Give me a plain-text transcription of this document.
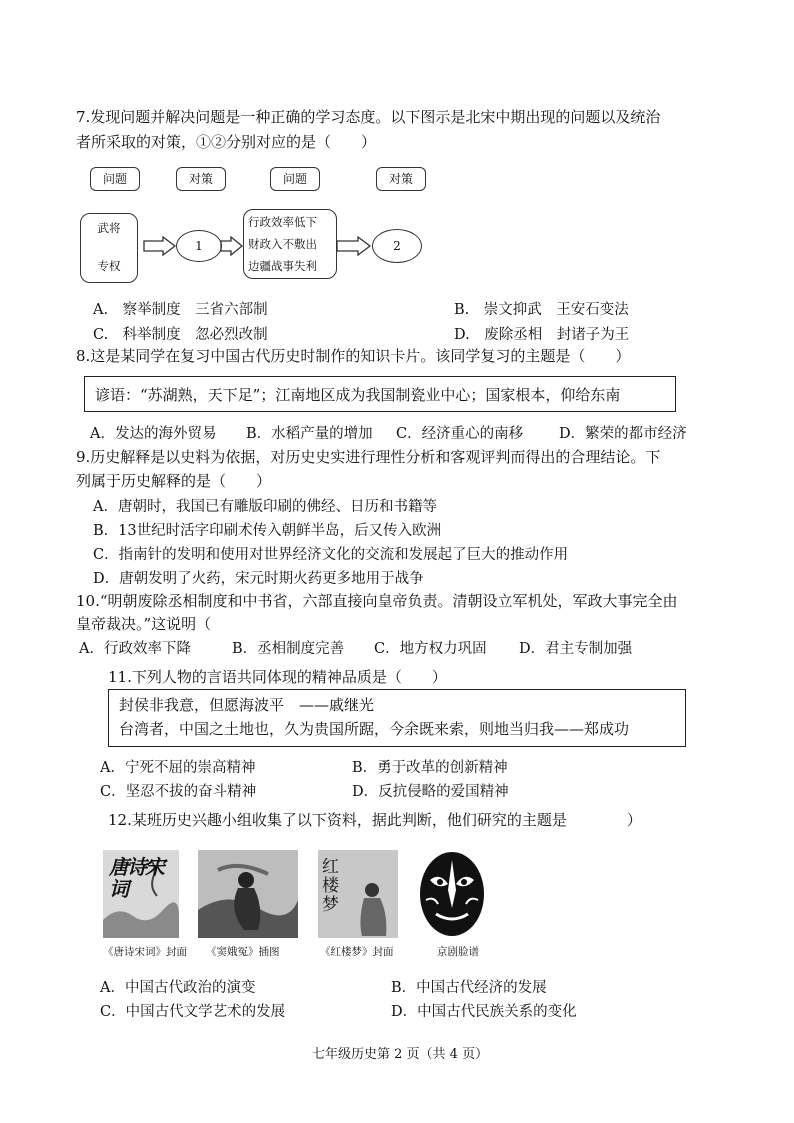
7.发现问题并解决问题是一种正确的学习态度。以下图示是北宋中期出现的问题以及统治
者所采取的对策，①②分别对应的是（　　）
问题	对策	问题	对策
武将
专权
1
行政效率低下
财政入不敷出
边疆战事失利
2
A.　察举制度　三省六部制	B.　崇文抑武　王安石变法
C.　科举制度　忽必烈改制	D.　废除丞相　封诸子为王
8.这是某同学在复习中国古代历史时制作的知识卡片。该同学复习的主题是（　　）
谚语：“苏湖熟，天下足”；江南地区成为我国制瓷业中心；国家根本，仰给东南
A．发达的海外贸易 B．水稻产量的增加 C．经济重心的南移 D．繁荣的都市经济
9.历史解释是以史料为依据，对历史史实进行理性分析和客观评判而得出的合理结论。下
列属于历史解释的是（　　）
A．唐朝时，我国已有雕版印刷的佛经、日历和书籍等
B．13世纪时活字印刷术传入朝鲜半岛，后又传入欧洲
C．指南针的发明和使用对世界经济文化的交流和发展起了巨大的推动作用
D．唐朝发明了火药，宋元时期火药更多地用于战争
10.“明朝废除丞相制度和中书省，六部直接向皇帝负责。清朝设立军机处，军政大事完全由
皇帝裁决。”这说明（
A．行政效率下降	B．丞相制度完善 C．地方权力巩固 D．君主专制加强
11.下列人物的言语共同体现的精神品质是（　　）
封侯非我意，但愿海波平　——戚继光
台湾者，中国之土地也，久为贵国所踞，今余既来索，则地当归我——郑成功
A．宁死不屈的崇高精神	B．勇于改革的创新精神
C．坚忍不拔的奋斗精神	D．反抗侵略的爱国精神
12.某班历史兴趣小组收集了以下资料，据此判断，他们研究的主题是　　　　）
唐诗宋词
《唐诗宋词》封面 《窦娥冤》插图
红楼梦
《红楼梦》封面	京剧脸谱
A．中国古代政治的演变	B．中国古代经济的发展
C．中国古代文学艺术的发展	D．中国古代民族关系的变化
七年级历史第 2 页（共 4 页）
